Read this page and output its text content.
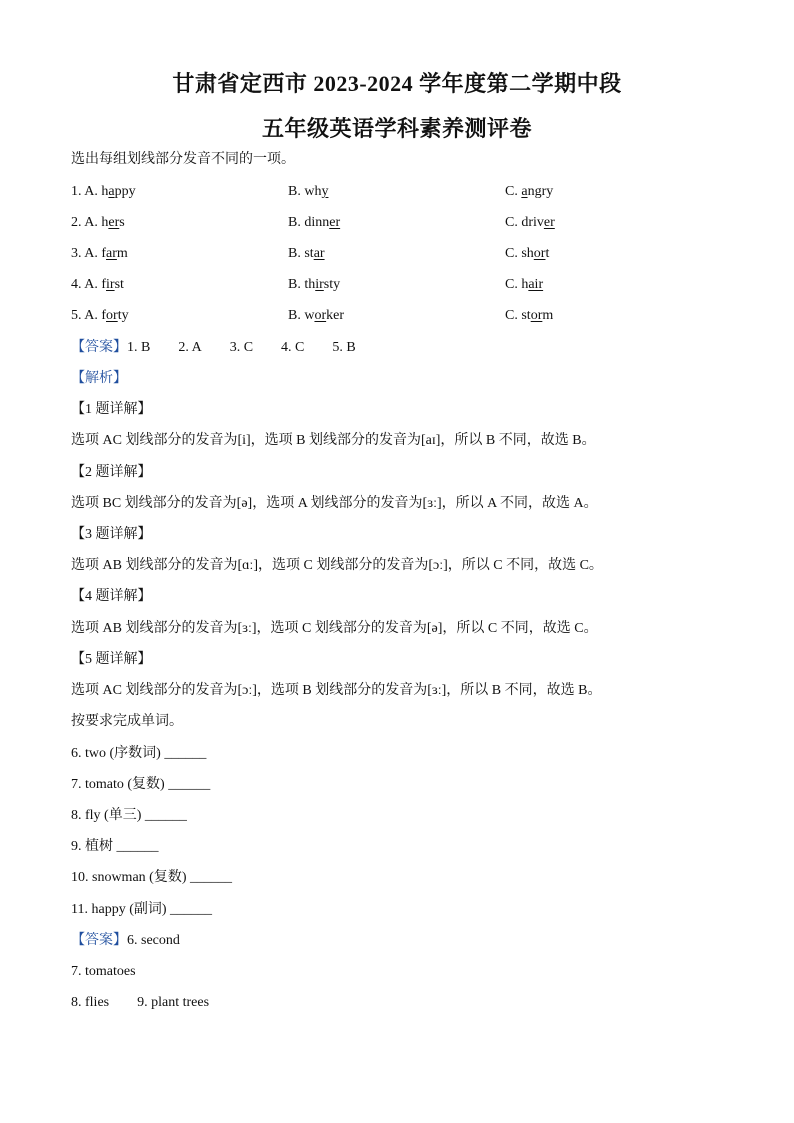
甘肃省定西市 2023-2024 学年度第二学期中段
五年级英语学科素养测评卷
选出每组划线部分发音不同的一项。
1. A. happy	B. why	C. angry
2. A. hers	B. dinner	C. driver
3. A. farm	B. star	C. short
4. A. first	B. thirsty	C. hair
5. A. forty	B. worker	C. storm
【答案】1. B 2. A 3. C 4. C 5. B
【解析】
【1 题详解】
选项 AC 划线部分的发音为[i]，选项 B 划线部分的发音为[aɪ]，所以 B 不同，故选 B。
【2 题详解】
选项 BC 划线部分的发音为[ə]，选项 A 划线部分的发音为[ɜː]，所以 A 不同，故选 A。
【3 题详解】
选项 AB 划线部分的发音为[ɑː]，选项 C 划线部分的发音为[ɔː]，所以 C 不同，故选 C。
【4 题详解】
选项 AB 划线部分的发音为[ɜː]，选项 C 划线部分的发音为[ə]，所以 C 不同，故选 C。
【5 题详解】
选项 AC 划线部分的发音为[ɔː]，选项 B 划线部分的发音为[ɜː]，所以 B 不同，故选 B。
按要求完成单词。
6. two (序数词) ______
7. tomato (复数) ______
8. fly (单三) ______
9. 植树 ______
10. snowman (复数) ______
11. happy (副词) ______
【答案】6. second
7. tomatoes
8. flies 9. plant trees
